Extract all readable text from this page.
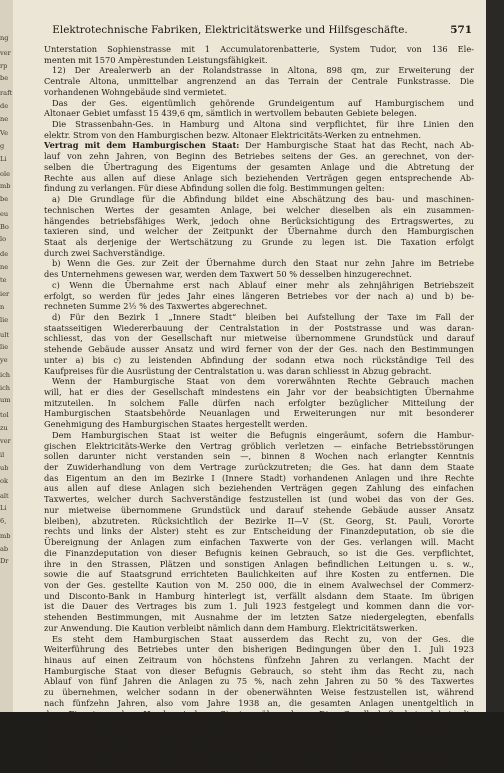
ng
ver
rp
be
raft
de
ne
Ve
g
Li
ole
mb
be
eu
Bo
lo
de
ne
te
ier
n
lie
ult
lie
ye
ich
ich
um
tol
zu
ver
il
ub
ok
alt
Li
6,
mb
ab
Dr
Elektrotechnische Fabriken, Elektricitätswerke und Hilfsgeschäfte.	571
Unterstation Sophienstrasse mit 1 Accumulatorenbatterie, System Tudor, von 136 Ele-
menten mit 1570 Ampèrestunden Leistungsfähigkeit.
12) Der Arealerwerb an der Rolandstrasse in Altona, 898 qm, zur Erweiterung der
Centrale Altona, unmittelbar angrenzend an das Terrain der Centrale Funkstrasse. Die
vorhandenen Wohngebäude sind vermietet.
Das der Ges. eigentümlich gehörende Grundeigentum auf Hamburgischem und
Altonaer Gebiet umfasst 15 439,6 qm, sämtlich in wertvollem bebauten Gebiete belegen.
Die Strassenbahn-Ges. in Hamburg und Altona sind verpflichtet, für ihre Linien den
elektr. Strom von den Hamburgischen bezw. Altonaer Elektricitäts-Werken zu entnehmen.
Vertrag mit dem Hamburgischen Staat: Der Hamburgische Staat hat das Recht, nach Ab-
lauf von zehn Jahren, von Beginn des Betriebes seitens der Ges. an gerechnet, von der-
selben die Übertragung des Eigentums der gesamten Anlage und die Abtretung der
Rechte aus allen auf diese Anlage sich beziehenden Verträgen gegen entsprechende Ab-
findung zu verlangen. Für diese Abfindung sollen die folg. Bestimmungen gelten:
a) Die Grundlage für die Abfindung bildet eine Abschätzung des bau- und maschinen-
technischen Wertes der gesamten Anlage, bei welcher dieselben als ein zusammen-
hängendes betriebsfähiges Werk, jedoch ohne Berücksichtigung des Ertragswertes, zu
taxieren sind, und welcher der Zeitpunkt der Übernahme durch den Hamburgischen
Staat als derjenige der Wertschätzung zu Grunde zu legen ist. Die Taxation erfolgt
durch zwei Sachverständige.
b) Wenn die Ges. zur Zeit der Übernahme durch den Staat nur zehn Jahre im Betriebe
des Unternehmens gewesen war, werden dem Taxwert 50 % desselben hinzugerechnet.
c) Wenn die Übernahme erst nach Ablauf einer mehr als zehnjährigen Betriebszeit
erfolgt, so werden für jedes Jahr eines längeren Betriebes vor der nach a) und b) be-
rechneten Summe 2½ % des Taxwertes abgerechnet.
d) Für den Bezirk 1 „Innere Stadt“ bleiben bei Aufstellung der Taxe im Fall der
staatsseitigen Wiedererbauung der Centralstation in der Poststrasse und was daran-
schliesst, das von der Gesellschaft nur mietweise übernommene Grundstück und darauf
stehende Gebäude ausser Ansatz und wird ferner von der der Ges. nach den Bestimmungen
unter a) bis c) zu leistenden Abfindung der sodann etwa noch rückständige Teil des
Kaufpreises für die Ausrüstung der Centralstation u. was daran schliesst in Abzug gebracht.
Wenn der Hamburgische Staat von dem vorerwähnten Rechte Gebrauch machen
will, hat er dies der Gesellschaft mindestens ein Jahr vor der beabsichtigten Übernahme
mitzuteilen. In solchem Falle dürfen nach erfolgter bezüglicher Mitteilung der
Hamburgischen Staatsbehörde Neuanlagen und Erweiterungen nur mit besonderer
Genehmigung des Hamburgischen Staates hergestellt werden.
Dem Hamburgischen Staat ist weiter die Befugnis eingeräumt, sofern die Hambur-
gischen Elektricitäts-Werke den Vertrag gröblich verletzen — einfache Betriebsstörungen
sollen darunter nicht verstanden sein —, binnen 8 Wochen nach erlangter Kenntnis
der Zuwiderhandlung von dem Vertrage zurückzutreten; die Ges. hat dann dem Staate
das Eigentum an den im Bezirke I (Innere Stadt) vorhandenen Anlagen und ihre Rechte
aus allen auf diese Anlagen sich beziehenden Verträgen gegen Zahlung des einfachen
Taxwertes, welcher durch Sachverständige festzustellen ist (und wobei das von der Ges.
nur mietweise übernommene Grundstück und darauf stehende Gebäude ausser Ansatz
bleiben), abzutreten. Rücksichtlich der Bezirke II—V (St. Georg, St. Pauli, Vororte
rechts und links der Alster) steht es zur Entscheidung der Finanzdeputation, ob sie die
Übereignung der Anlagen zum einfachen Taxwerte von der Ges. verlangen will. Macht
die Finanzdeputation von dieser Befugnis keinen Gebrauch, so ist die Ges. verpflichtet,
ihre in den Strassen, Plätzen und sonstigen Anlagen befindlichen Leitungen u. s. w.,
sowie die auf Staatsgrund errichteten Baulichkeiten auf ihre Kosten zu entfernen. Die
von der Ges. gestellte Kaution von M. 250 000, die in einem Avalwechsel der Commerz-
und Disconto-Bank in Hamburg hinterlegt ist, verfällt alsdann dem Staate. Im übrigen
ist die Dauer des Vertrages bis zum 1. Juli 1923 festgelegt und kommen dann die vor-
stehenden Bestimmungen, mit Ausnahme der im letzten Satze niedergelegten, ebenfalls
zur Anwendung. Die Kaution verbleibt nämlich dann dem Hamburg. Elektricitätswerken.
Es steht dem Hamburgischen Staat ausserdem das Recht zu, von der Ges. die
Weiterführung des Betriebes unter den bisherigen Bedingungen über den 1. Juli 1923
hinaus auf einen Zeitraum von höchstens fünfzehn Jahren zu verlangen. Macht der
Hamburgische Staat von dieser Befugnis Gebrauch, so steht ihm das Recht zu, nach
Ablauf von fünf Jahren die Anlagen zu 75 %, nach zehn Jahren zu 50 % des Taxwertes
zu übernehmen, welcher sodann in der obenerwähnten Weise festzustellen ist, während
nach fünfzehn Jahren, also vom Jahre 1938 an, die gesamten Anlagen unentgeltlich in
das Eigentum des Hamburgischen Staates übergehen. Die Gesellschaft hat dabei die
Verpflichtung, die baulichen und maschinellen Anlagen fortdauernd und bis Ende der ge-
nannten Frist in gutem Zustande zu erhalten, sodass die gesamten Anlagen bei der
Übernahme sich in vollkommen betriebsfähigem Zustande befinden.
Die Stadt Altona hatte das Recht, nach 12 Monate vorher erfolgter schriftlicher Mit-
teilung, die Anlagen zunächst auf den 1. 10. 1901, dann auf den 1. 10. 1906 u. 1. 10. 1911
